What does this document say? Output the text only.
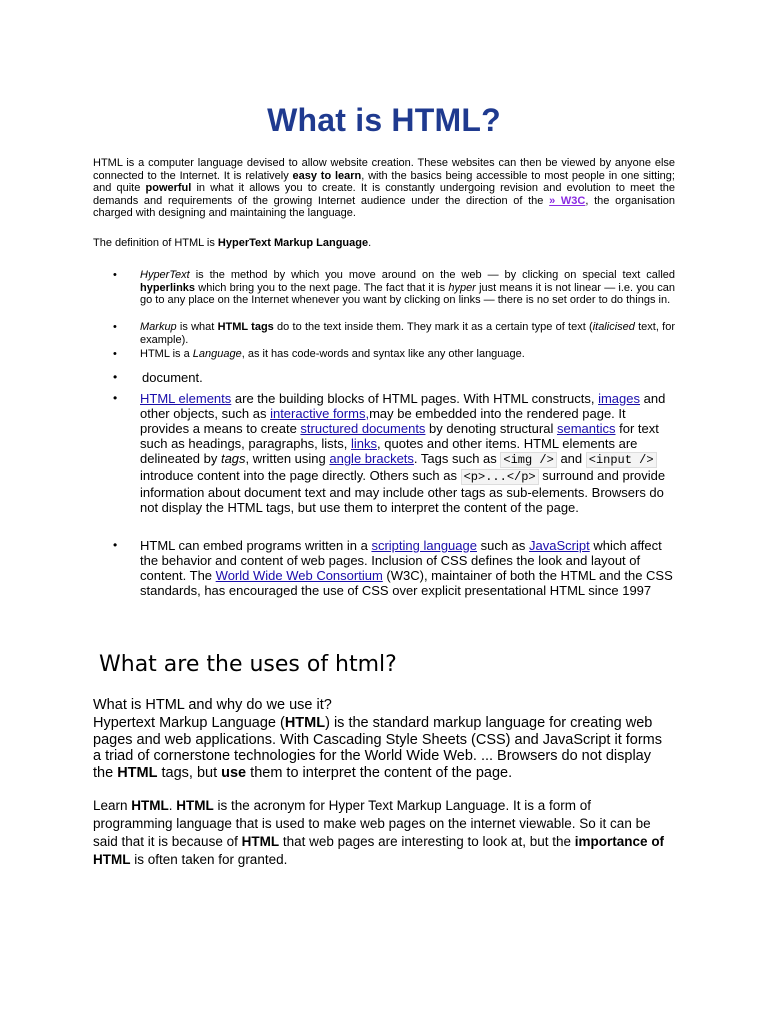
What is HTML?
HTML is a computer language devised to allow website creation. These websites can then be viewed by anyone else connected to the Internet. It is relatively easy to learn, with the basics being accessible to most people in one sitting; and quite powerful in what it allows you to create. It is constantly undergoing revision and evolution to meet the demands and requirements of the growing Internet audience under the direction of the » W3C, the organisation charged with designing and maintaining the language.
The definition of HTML is HyperText Markup Language.
• HyperText is the method by which you move around on the web — by clicking on special text called hyperlinks which bring you to the next page. The fact that it is hyper just means it is not linear — i.e. you can go to any place on the Internet whenever you want by clicking on links — there is no set order to do things in.
• Markup is what HTML tags do to the text inside them. They mark it as a certain type of text (italicised text, for example).
• HTML is a Language, as it has code-words and syntax like any other language.
• document.
• HTML elements are the building blocks of HTML pages. With HTML constructs, images and other objects, such as interactive forms,may be embedded into the rendered page. It provides a means to create structured documents by denoting structural semantics for text such as headings, paragraphs, lists, links, quotes and other items. HTML elements are delineated by tags, written using angle brackets. Tags such as <img /> and <input /> introduce content into the page directly. Others such as <p>...</p> surround and provide information about document text and may include other tags as sub-elements. Browsers do not display the HTML tags, but use them to interpret the content of the page.
• HTML can embed programs written in a scripting language such as JavaScript which affect the behavior and content of web pages. Inclusion of CSS defines the look and layout of content. The World Wide Web Consortium (W3C), maintainer of both the HTML and the CSS standards, has encouraged the use of CSS over explicit presentational HTML since 1997
What are the uses of html?
What is HTML and why do we use it?
Hypertext Markup Language (HTML) is the standard markup language for creating web pages and web applications. With Cascading Style Sheets (CSS) and JavaScript it forms a triad of cornerstone technologies for the World Wide Web. ... Browsers do not display the HTML tags, but use them to interpret the content of the page.
Learn HTML. HTML is the acronym for Hyper Text Markup Language. It is a form of programming language that is used to make web pages on the internet viewable. So it can be said that it is because of HTML that web pages are interesting to look at, but the importance of HTML is often taken for granted.
